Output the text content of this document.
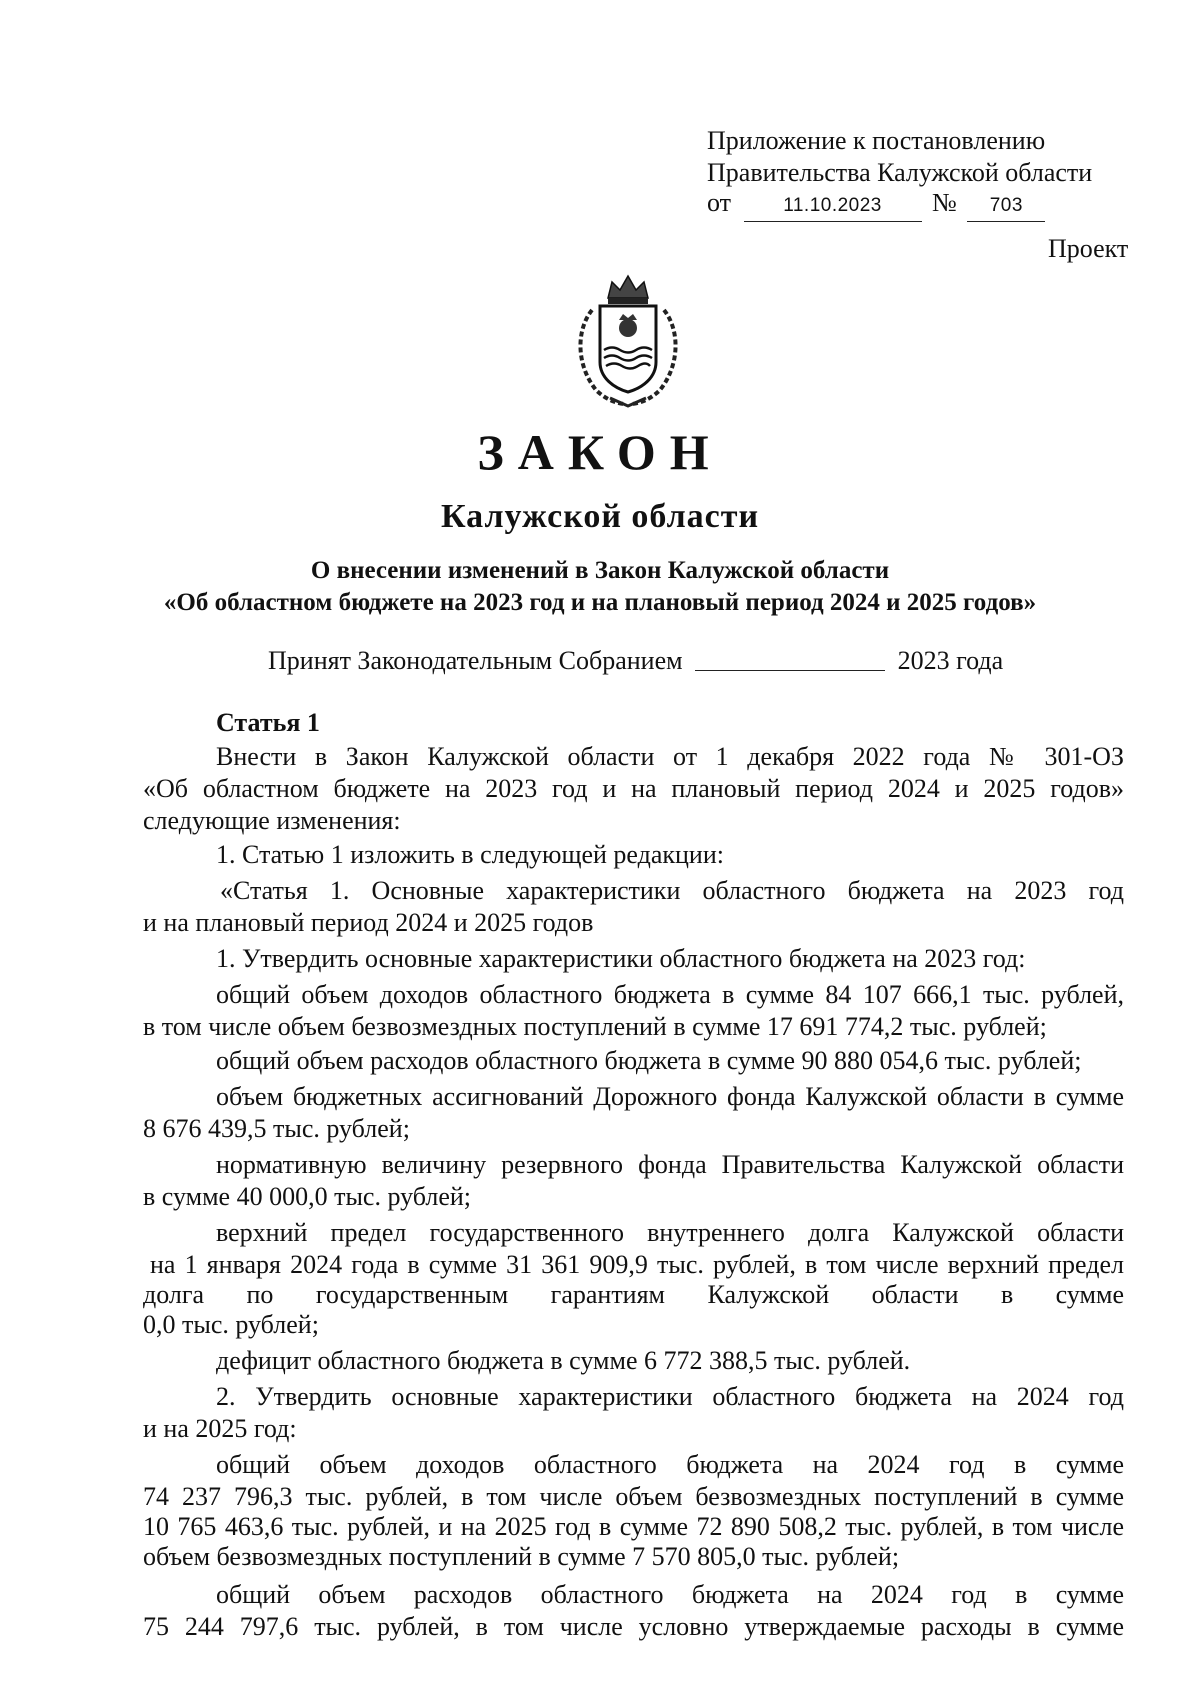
Приложение к постановлению
Правительства Калужской области
от	11.10.2023 № 703
Проект
ЗАКОН
Калужской области
О внесении изменений в Закон Калужской области
«Об областном бюджете на 2023 год и на плановый период 2024 и 2025 годов»
Принят Законодательным Собранием	2023 года
Статья 1
Внести в Закон Калужской области от 1 декабря 2022 года № 301-ОЗ
«Об областном бюджете на 2023 год и на плановый период 2024 и 2025 годов»
следующие изменения:
1. Статью 1 изложить в следующей редакции:
«Статья 1. Основные характеристики областного бюджета на 2023 год
и на плановый период 2024 и 2025 годов
1. Утвердить основные характеристики областного бюджета на 2023 год:
общий объем доходов областного бюджета в сумме 84 107 666,1 тыс. рублей,
в том числе объем безвозмездных поступлений в сумме 17 691 774,2 тыс. рублей;
общий объем расходов областного бюджета в сумме 90 880 054,6 тыс. рублей;
объем бюджетных ассигнований Дорожного фонда Калужской области в сумме
8 676 439,5 тыс. рублей;
нормативную величину резервного фонда Правительства Калужской области
в сумме 40 000,0 тыс. рублей;
верхний предел государственного внутреннего долга Калужской области
на 1 января 2024 года в сумме 31 361 909,9 тыс. рублей, в том числе верхний предел
долга по государственным гарантиям Калужской области в сумме
0,0 тыс. рублей;
дефицит областного бюджета в сумме 6 772 388,5 тыс. рублей.
2. Утвердить основные характеристики областного бюджета на 2024 год
и на 2025 год:
общий объем доходов областного бюджета на 2024 год в сумме
74 237 796,3 тыс. рублей, в том числе объем безвозмездных поступлений в сумме
10 765 463,6 тыс. рублей, и на 2025 год в сумме 72 890 508,2 тыс. рублей, в том числе
объем безвозмездных поступлений в сумме 7 570 805,0 тыс. рублей;
общий объем расходов областного бюджета на 2024 год в сумме
75 244 797,6 тыс. рублей, в том числе условно утверждаемые расходы в сумме
